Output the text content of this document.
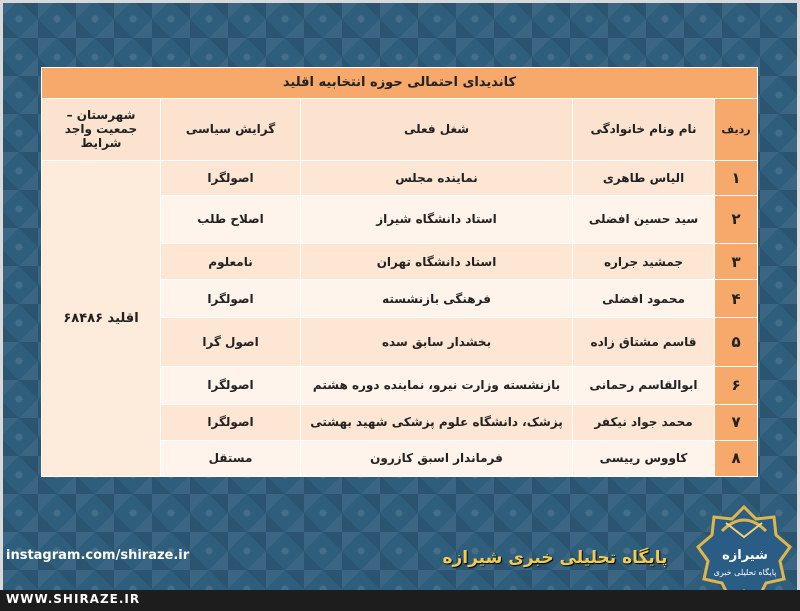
کاندیدای احتمالی حوزه انتخابیه اقلید				
ردیف	نام ونام خانوادگی	شغل فعلی	گرایش سیاسی	شهرستان – جمعیت واجد شرایط
۱	الیاس طاهری	نماینده مجلس	اصولگرا	اقلید ۶۸۴۸۶
۲	سید حسین افضلی	استاد دانشگاه شیراز	اصلاح طلب	
۳	جمشید جراره	استاد دانشگاه تهران	نامعلوم	
۴	محمود افضلی	فرهنگی بازنشسته	اصولگرا	
۵	قاسم مشتاق زاده	بخشدار سابق سده	اصول گرا	
۶	ابوالقاسم رحمانی	بازنشسته وزارت نیرو، نماینده دوره هشتم	اصولگرا	
۷	محمد جواد نیکفر	پزشک، دانشگاه علوم پزشکی شهید بهشتی	اصولگرا	
۸	کاووس رییسی	فرماندار اسبق کازرون	مستقل	
instagram.com/shiraze.ir	پایگاه تحلیلی خبری شیرازه	شیرازه
پایگاه تحلیلی خبری
WWW.SHIRAZE.IR
